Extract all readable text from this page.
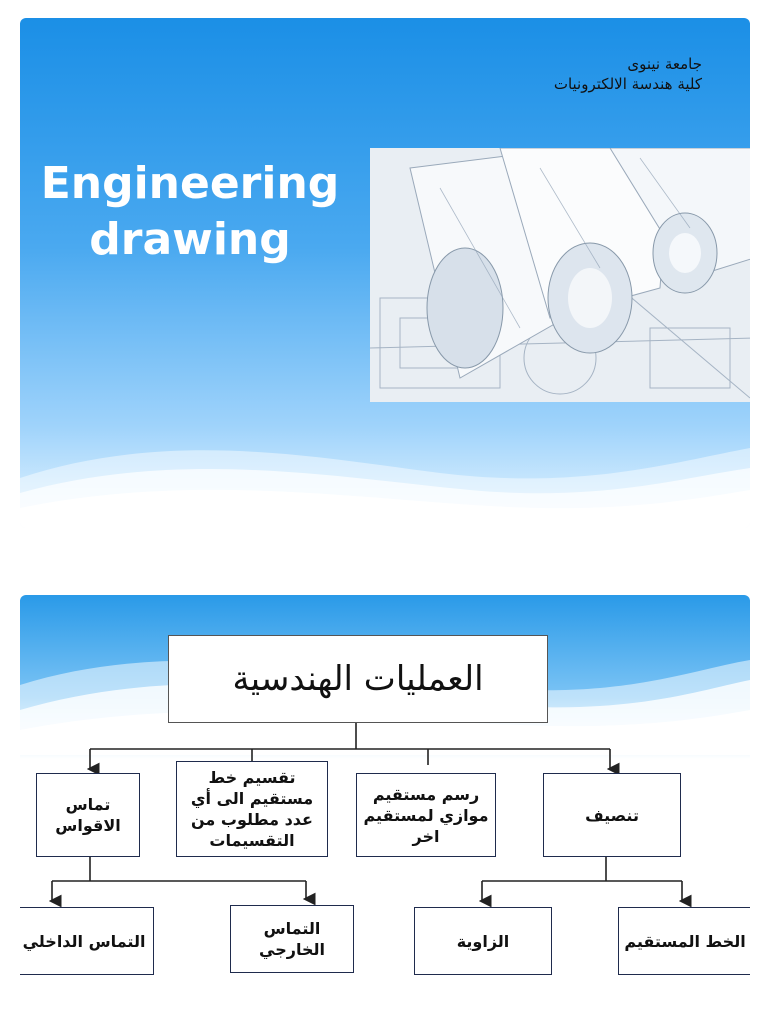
جامعة نينوى
كلية هندسة الالكترونيات
Engineering
drawing
العمليات الهندسية
تنصيف
رسم مستقيم موازي لمستقيم اخر
تقسيم خط مستقيم الى أي عدد مطلوب من التقسيمات
تماس الاقواس
الخط المستقيم
الزاوية
التماس الخارجي
التماس الداخلي
